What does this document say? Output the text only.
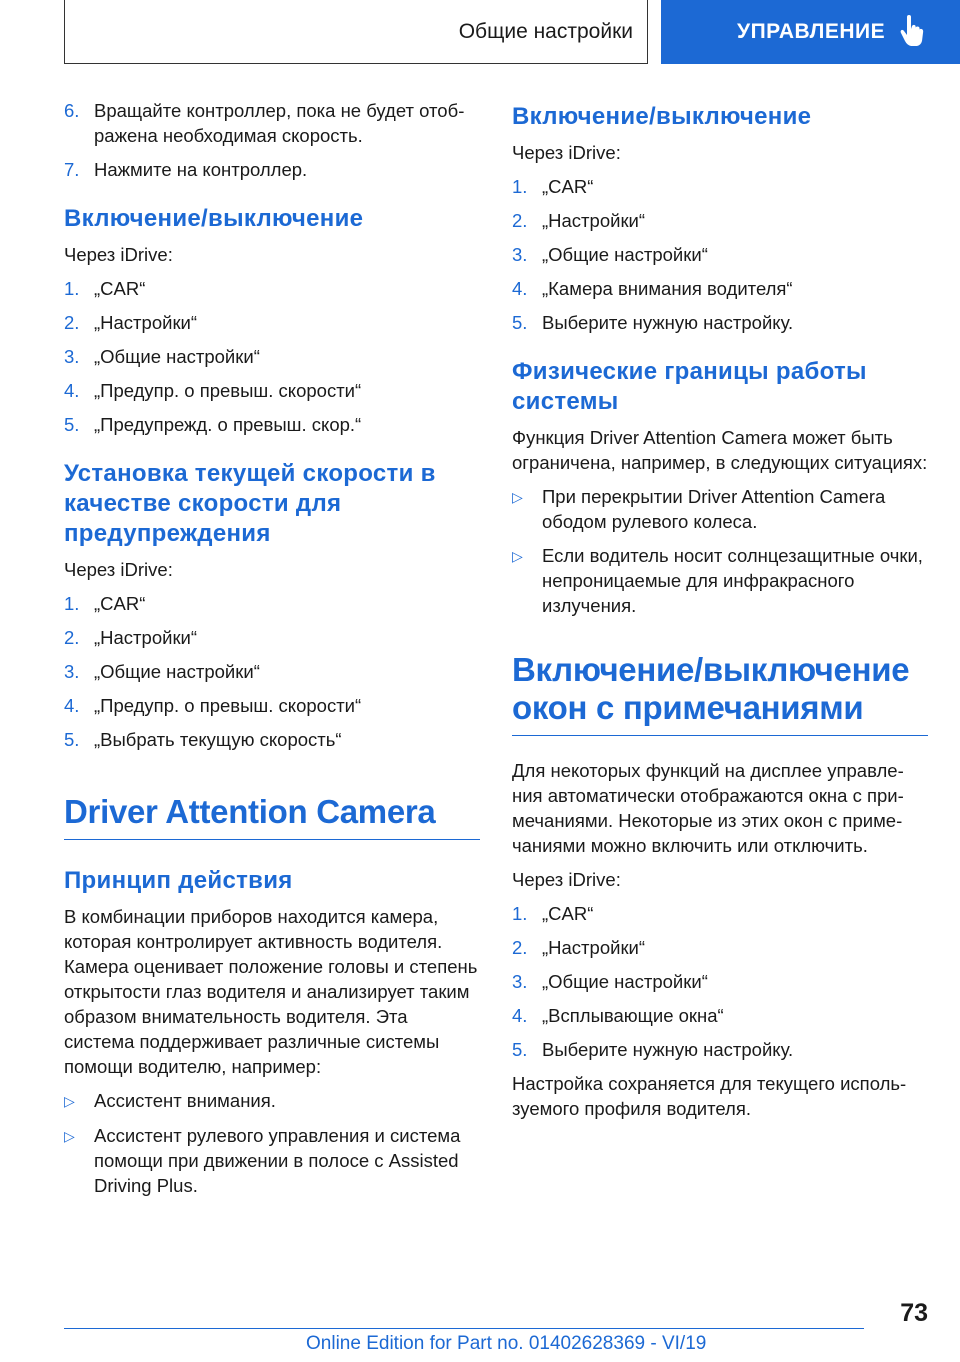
Общие настройки	УПРАВЛЕНИЕ
6. Вращайте контроллер, пока не будет отображена необходимая скорость.
7. Нажмите на контроллер.
Включение/выключение

Через iDrive:

1. „CAR“
2. „Настройки“
3. „Общие настройки“
4. „Предупр. о превыш. скорости“
5. „Предупрежд. о превыш. скор.“
Установка текущей скорости в качестве скорости для предупреждения

Через iDrive:

1. „CAR“
2. „Настройки“
3. „Общие настройки“
4. „Предупр. о превыш. скорости“
5. „Выбрать текущую скорость“
Driver Attention Camera
Принцип действия

В комбинации приборов находится камера, которая контролирует активность водителя. Камера оценивает положение головы и степень открытости глаз водителя и анализирует таким образом внимательность водителя. Эта система поддерживает различные системы помощи водителю, например:

▷	Ассистент внимания.
▷	Ассистент рулевого управления и система помощи при движении в полосе с Assisted Driving Plus.
Включение/выключение

Через iDrive:

1. „CAR“
2. „Настройки“
3. „Общие настройки“
4. „Камера внимания водителя“
5. Выберите нужную настройку.
Физические границы работы системы

Функция Driver Attention Camera может быть ограничена, например, в следующих ситуациях:

▷	При перекрытии Driver Attention Camera ободом рулевого колеса.
▷	Если водитель носит солнцезащитные очки, непроницаемые для инфракрасного излучения.
Включение/выключение окон с примечаниями

Для некоторых функций на дисплее управления автоматически отображаются окна с примечаниями. Некоторые из этих окон с примечаниями можно включить или отключить.

Через iDrive:

1. „CAR“
2. „Настройки“
3. „Общие настройки“
4. „Всплывающие окна“
5. Выберите нужную настройку.

Настройка сохраняется для текущего используемого профиля водителя.

73
Online Edition for Part no. 01402628369 - VI/19
